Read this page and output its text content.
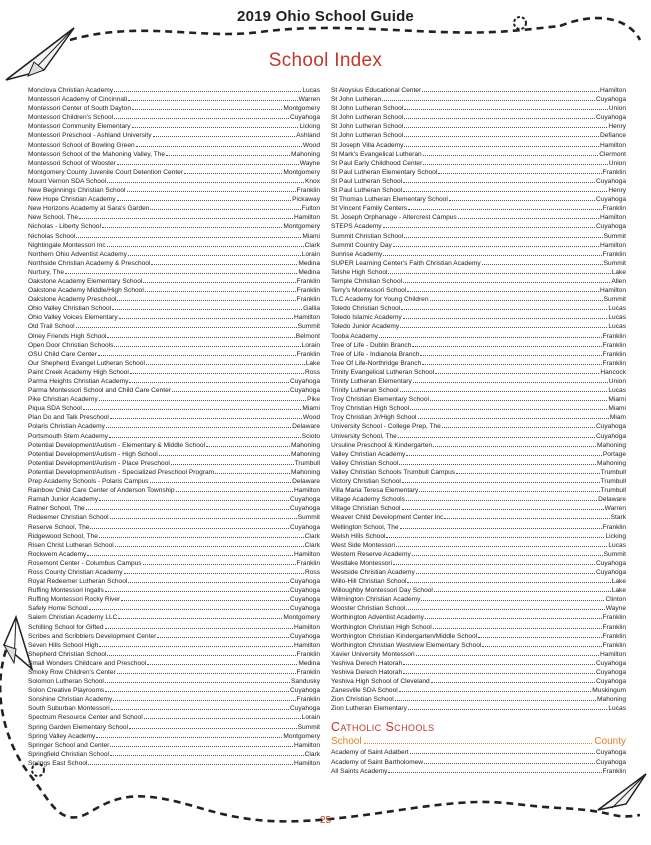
2019 Ohio School Guide
School Index
Monclova Christian Academy	Lucas
Montessori Academy of Cincinnati	Warren
Montessori Center of South Dayton	Montgomery
Montessori Children's School	Cuyahoga
Montessori Community Elementary	Licking
Montessori Preschool - Ashland University	Ashland
Montessori School of Bowling Green	Wood
Montessori School of the Mahoning Valley, The	Mahoning
Montessori School of Wooster	Wayne
Montgomery County Juvenile Court Detention Center	Montgomery
Mount Vernon SDA School	Knox
New Beginnings Christian School	Franklin
New Hope Christian Academy	Pickaway
New Horizons Academy at Sara's Garden	Fulton
New School, The	Hamilton
Nicholas - Liberty School	Montgomery
Nicholas School	Miami
Nightingale Montessori Inc	Clark
Northern Ohio Adventist Academy	Lorain
Northside Christian Academy & Preschool	Medina
Nurtury, The	Medina
Oakstone Academy Elementary School	Franklin
Oakstone Academy Middle/High School	Franklin
Oakstone Academy Preschool	Franklin
Ohio Valley Christian School	Gallia
Ohio Valley Voices Elementary	Hamilton
Old Trail School	Summit
Olney Friends High School	Belmont
Open Door Christian Schools	Lorain
OSU Child Care Center	Franklin
Our Shepherd Evangel Lutheran School	Lake
Paint Creek Academy High School	Ross
Parma Heights Christian Academy	Cuyahoga
Parma Montessori School and Child Care Center	Cuyahoga
Pike Christian Academy	Pike
Piqua SDA School	Miami
Plan Do and Talk Preschool	Wood
Polaris Christian Academy	Delaware
Portsmouth Stem Academy	Scioto
Potential Development/Autism - Elementary & Middle School	Mahoning
Potential Development/Autism - High School	Mahoning
Potential Development/Autism - Place Preschool	Trumbull
Potential Development/Autism - Specialized Preschool Program	Mahoning
Prep Academy Schools - Polaris Campus	Delaware
Rainbow Child Care Center of Anderson Township	Hamilton
Ramah Junior Academy	Cuyahoga
Ratner School, The	Cuyahoga
Redeemer Christian School	Summit
Reserve School, The	Cuyahoga
Ridgewood School, The	Clark
Risen Christ Lutheran School	Clark
Rockwern Academy	Hamilton
Rosemont Center - Columbus Campus	Franklin
Ross County Christian Academy	Ross
Royal Redeemer Lutheran School	Cuyahoga
Ruffing Montessori Ingalls	Cuyahoga
Ruffing Montessori Rocky River	Cuyahoga
Safely Home School	Cuyahoga
Salem Christian Academy LLC	Montgomery
Schilling School for Gifted	Hamilton
Scribes and Scribblers Development Center	Cuyahoga
Seven Hills School High	Hamilton
Shepherd Christian School	Franklin
Small Wonders Childcare and Preschool	Medina
Smoky Row Children's Center	Franklin
Solomon Lutheran School	Sandusky
Solon Creative Playrooms	Cuyahoga
Sonshine Christian Academy	Franklin
South Suburban Montessori	Cuyahoga
Spectrum Resource Center and School	Lorain
Spring Garden Elementary School	Summit
Spring Valley Academy	Montgomery
Springer School and Center	Hamilton
Springfield Christian School	Clark
Springs East School	Hamilton
St Aloysius Educational Center	Hamilton
St John Lutheran	Cuyahoga
St John Lutheran School	Union
St John Lutheran School	Cuyahoga
St John Lutheran School	Henry
St John Lutheran School	Defiance
St Joseph Villa Academy	Hamilton
St Mark's Evangelical Lutheran	Clermont
St Paul Early Childhood Center	Union
St Paul Lutheran Elementary School	Franklin
St Paul Lutheran School	Cuyahoga
St Paul Lutheran School	Henry
St Thomas Lutheran Elementary School	Cuyahoga
St Vincent Family Centers	Franklin
St. Joseph Orphanage - Altercrest Campus	Hamilton
STEPS Academy	Cuyahoga
Summit Christian School	Summit
Summit Country Day	Hamilton
Sunrise Academy	Franklin
SUPER Learning Center's Faith Christian Academy	Summit
Telshe High School	Lake
Temple Christian School	Allen
Terry's Montessori School	Hamilton
TLC Academy for Young Children	Summit
Toledo Christian School	Lucas
Toledo Islamic Academy	Lucas
Toledo Junior Academy	Lucas
Tooba Academy	Franklin
Tree of Life - Dublin Branch	Franklin
Tree of Life - Indianola Branch	Franklin
Tree Of Life-Northridge Branch	Franklin
Trinity Evangelical Lutheran School	Hancock
Trinity Lutheran Elementary	Union
Trinity Lutheran School	Lucas
Troy Christian Elementary School	Miami
Troy Christian High School	Miami
Troy Christian Jr/High School	Miam
University School - College Prep, The	Cuyahoga
University School, The	Cuyahoga
Ursuline Preschool & Kindergarten	Mahoning
Valley Christian Academy	Portage
Valley Christian School	Mahoning
Valley Christian Schools Trumbull Campus	Trumbull
Victory Christian School	Trumbull
Villa Maria Teresa Elementary	Trumbull
Village Academy Schools	Delaware
Village Christian School	Warren
Weaver Child Development Center Inc	Stark
Wellington School, The	Franklin
Welsh Hills School	Licking
West Side Montessori	Lucas
Western Reserve Academy	Summit
Westlake Montessori	Cuyahoga
Westside Christian Academy	Cuyahoga
Willo-Hill Christian School	Lake
Willoughby Montessori Day School	Lake
Wilmington Christian Academy	Clinton
Wooster Christian School	Wayne
Worthington Adventist Academy	Franklin
Worthington Christian High School	Franklin
Worthington Christian Kindergarten/Middle School	Franklin
Worthington Christian Westview Elementary School	Franklin
Xavier University Montessori	Hamilton
Yeshiva Derech Hatorah	Cuyahoga
Yeshiva Derech Hatorah	Cuyahoga
Yeshiva High School of Cleveland	Cuyahoga
Zanesville SDA School	Muskingum
Zion Christian School	Mahoning
Zion Lutheran Elementary	Lucas
Catholic Schools
School	County
Academy of Saint Adalbert	Cuyahoga
Academy of Saint Bartholomew	Cuyahoga
All Saints Academy	Franklin
25
